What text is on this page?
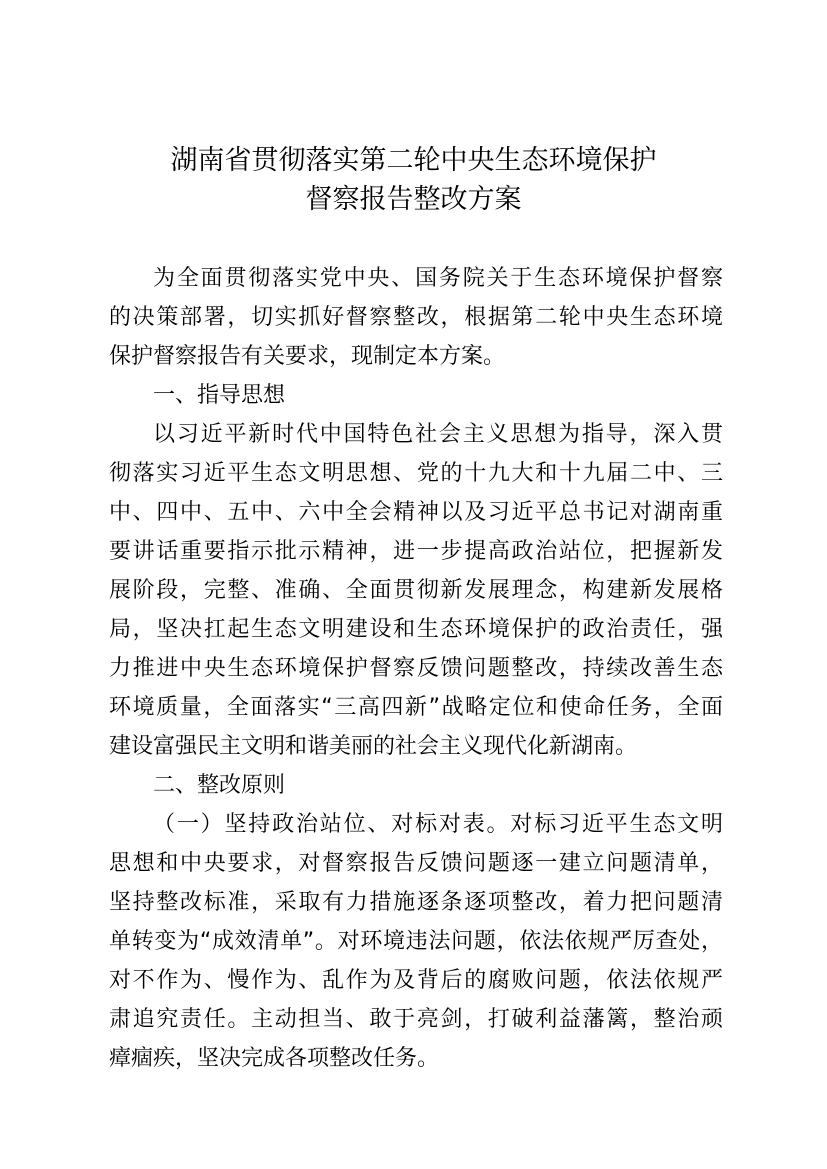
湖南省贯彻落实第二轮中央生态环境保护
督察报告整改方案
为全面贯彻落实党中央、国务院关于生态环境保护督察
的决策部署，切实抓好督察整改，根据第二轮中央生态环境
保护督察报告有关要求，现制定本方案。
一、指导思想
以习近平新时代中国特色社会主义思想为指导，深入贯
彻落实习近平生态文明思想、党的十九大和十九届二中、三
中、四中、五中、六中全会精神以及习近平总书记对湖南重
要讲话重要指示批示精神，进一步提高政治站位，把握新发
展阶段，完整、准确、全面贯彻新发展理念，构建新发展格
局，坚决扛起生态文明建设和生态环境保护的政治责任，强
力推进中央生态环境保护督察反馈问题整改，持续改善生态
环境质量，全面落实“三高四新”战略定位和使命任务，全面
建设富强民主文明和谐美丽的社会主义现代化新湖南。
二、整改原则
（一）坚持政治站位、对标对表。对标习近平生态文明
思想和中央要求，对督察报告反馈问题逐一建立问题清单，
坚持整改标准，采取有力措施逐条逐项整改，着力把问题清
单转变为“成效清单”。对环境违法问题，依法依规严厉查处，
对不作为、慢作为、乱作为及背后的腐败问题，依法依规严
肃追究责任。主动担当、敢于亮剑，打破利益藩篱，整治顽
瘴痼疾，坚决完成各项整改任务。
